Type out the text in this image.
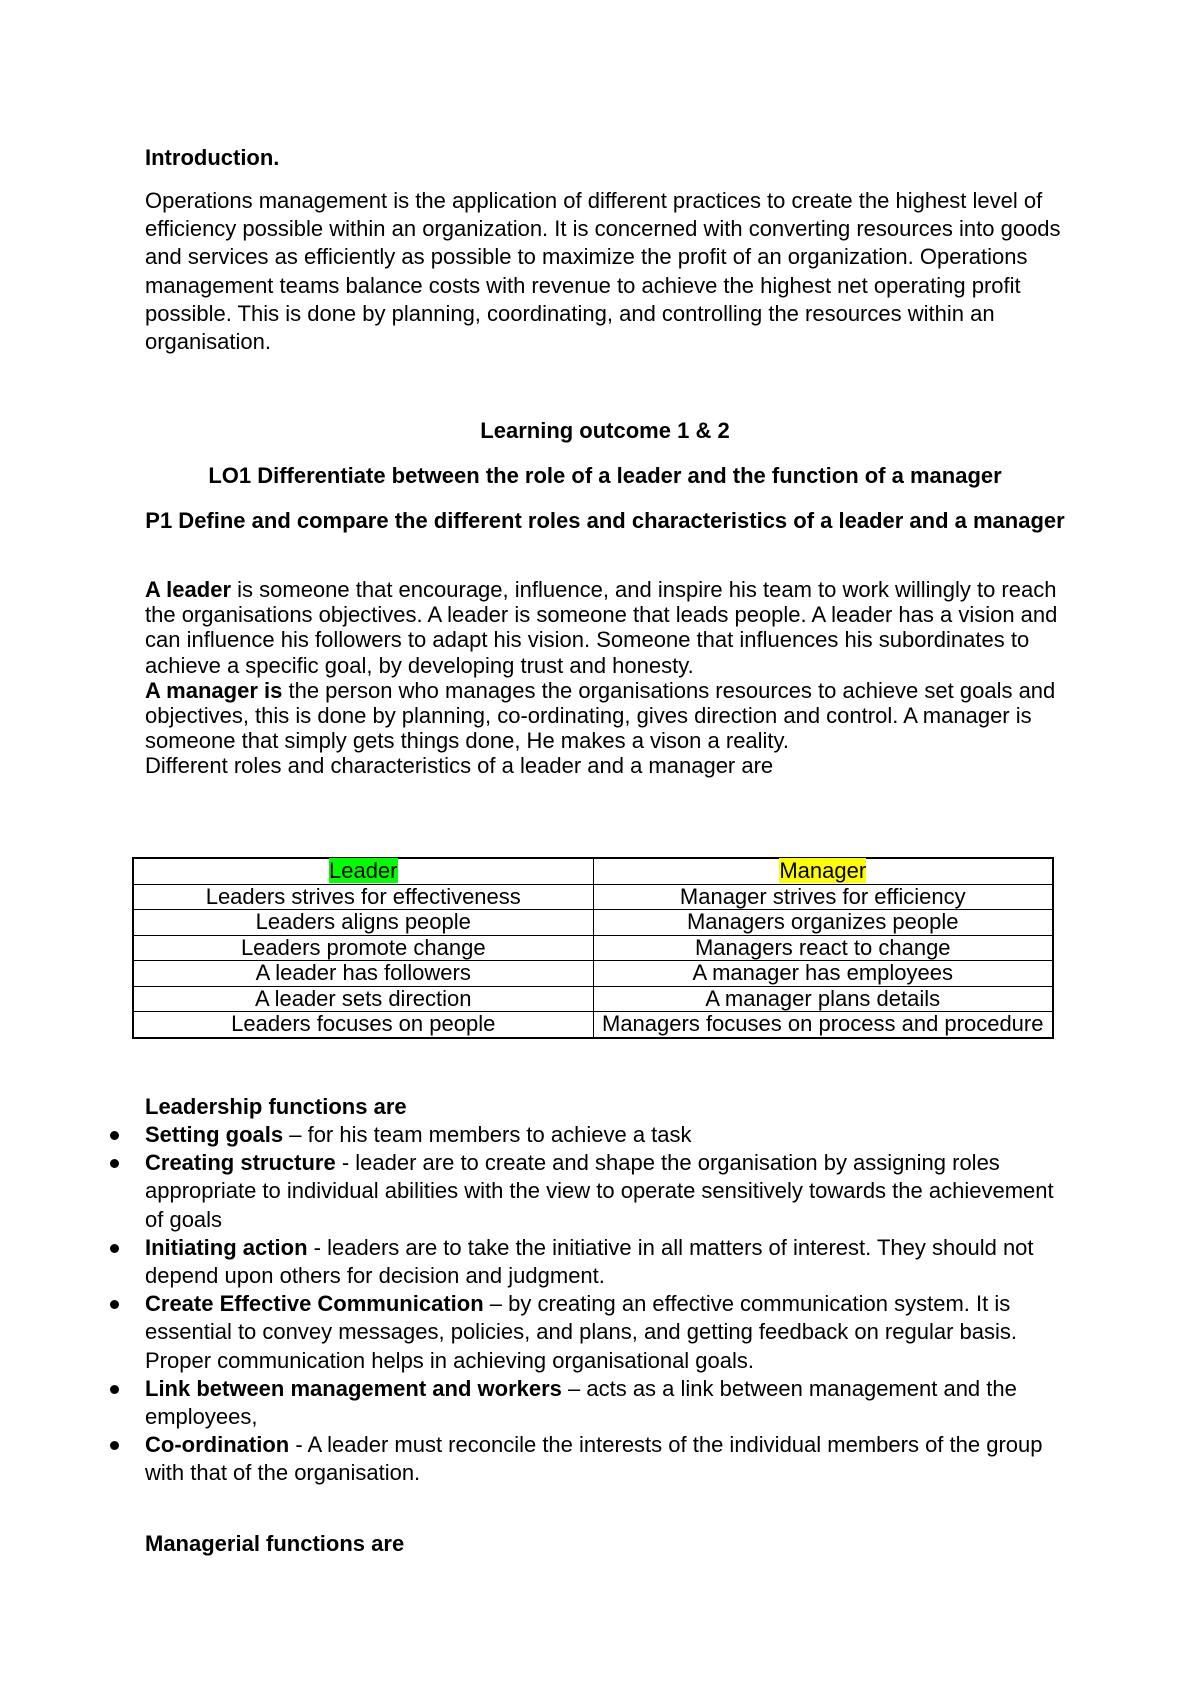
Introduction.
Operations management is the application of different practices to create the highest level of efficiency possible within an organization. It is concerned with converting resources into goods and services as efficiently as possible to maximize the profit of an organization. Operations management teams balance costs with revenue to achieve the highest net operating profit possible. This is done by planning, coordinating, and controlling the resources within an organisation.
Learning outcome 1 & 2
LO1 Differentiate between the role of a leader and the function of a manager
P1 Define and compare the different roles and characteristics of a leader and a manager

A leader is someone that encourage, influence, and inspire his team to work willingly to reach the organisations objectives. A leader is someone that leads people. A leader has a vision and can influence his followers to adapt his vision. Someone that influences his subordinates to achieve a specific goal, by developing trust and honesty.

A manager is the person who manages the organisations resources to achieve set goals and objectives, this is done by planning, co-ordinating, gives direction and control. A manager is someone that simply gets things done, He makes a vison a reality.

Different roles and characteristics of a leader and a manager are

Leader	Manager
Leaders strives for effectiveness	Manager strives for efficiency
Leaders aligns people	Managers organizes people
Leaders promote change	Managers react to change
A leader has followers	A manager has employees
A leader sets direction	A manager plans details
Leaders focuses on people	Managers focuses on process and procedure
Leadership functions are
Setting goals – for his team members to achieve a task
Creating structure - leader are to create and shape the organisation by assigning roles appropriate to individual abilities with the view to operate sensitively towards the achievement of goals
Initiating action - leaders are to take the initiative in all matters of interest. They should not depend upon others for decision and judgment.
Create Effective Communication – by creating an effective communication system. It is essential to convey messages, policies, and plans, and getting feedback on regular basis. Proper communication helps in achieving organisational goals.
Link between management and workers – acts as a link between management and the employees,
Co-ordination - A leader must reconcile the interests of the individual members of the group with that of the organisation.
Managerial functions are
